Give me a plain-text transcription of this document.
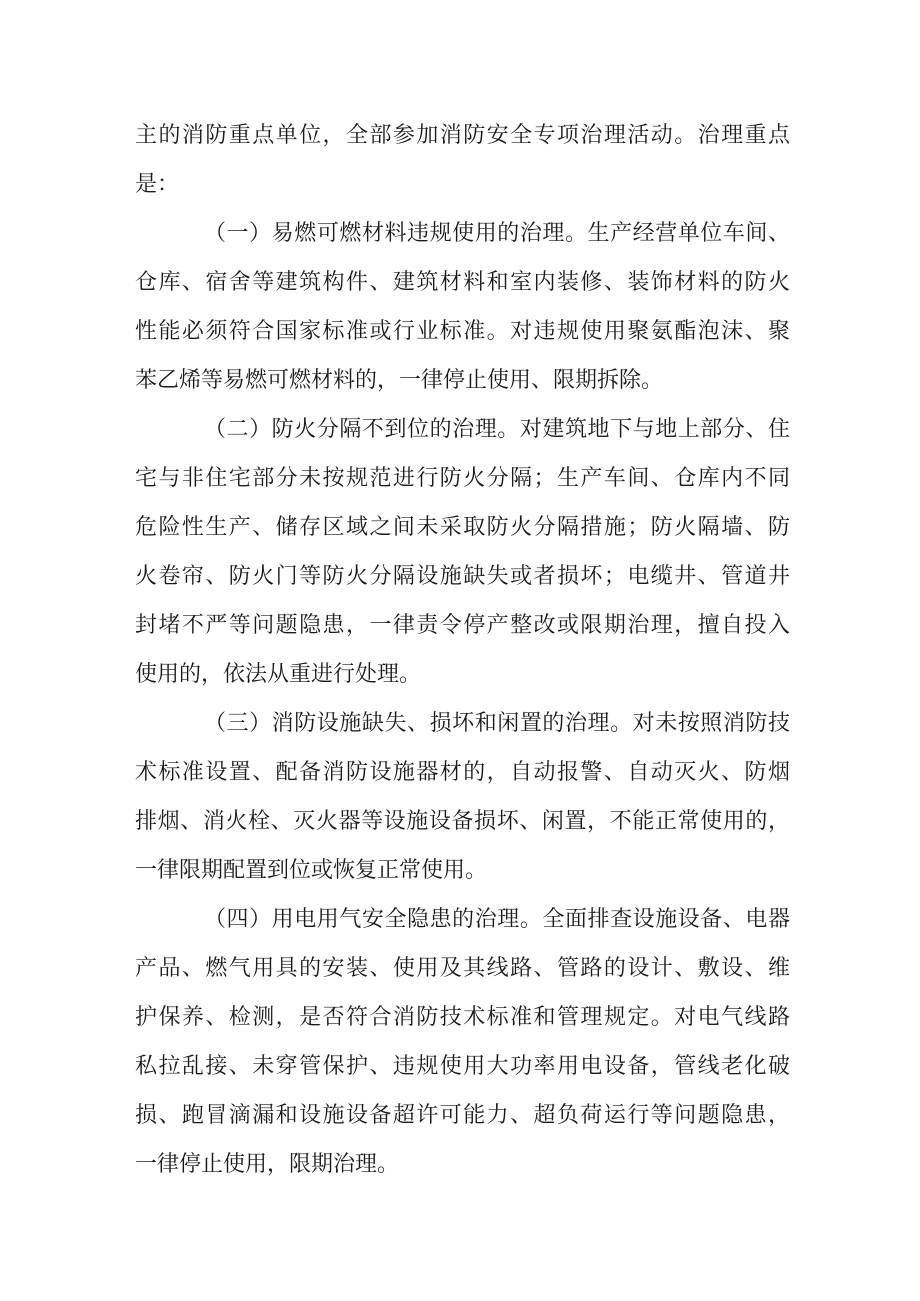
主的消防重点单位，全部参加消防安全专项治理活动。治理重点
是：
（一）易燃可燃材料违规使用的治理。生产经营单位车间、
仓库、宿舍等建筑构件、建筑材料和室内装修、装饰材料的防火
性能必须符合国家标准或行业标准。对违规使用聚氨酯泡沫、聚
苯乙烯等易燃可燃材料的，一律停止使用、限期拆除。
（二）防火分隔不到位的治理。对建筑地下与地上部分、住
宅与非住宅部分未按规范进行防火分隔；生产车间、仓库内不同
危险性生产、储存区域之间未采取防火分隔措施；防火隔墙、防
火卷帘、防火门等防火分隔设施缺失或者损坏；电缆井、管道井
封堵不严等问题隐患，一律责令停产整改或限期治理，擅自投入
使用的，依法从重进行处理。
（三）消防设施缺失、损坏和闲置的治理。对未按照消防技
术标准设置、配备消防设施器材的，自动报警、自动灭火、防烟
排烟、消火栓、灭火器等设施设备损坏、闲置，不能正常使用的，
一律限期配置到位或恢复正常使用。
（四）用电用气安全隐患的治理。全面排查设施设备、电器
产品、燃气用具的安装、使用及其线路、管路的设计、敷设、维
护保养、检测，是否符合消防技术标准和管理规定。对电气线路
私拉乱接、未穿管保护、违规使用大功率用电设备，管线老化破
损、跑冒滴漏和设施设备超许可能力、超负荷运行等问题隐患，
一律停止使用，限期治理。
